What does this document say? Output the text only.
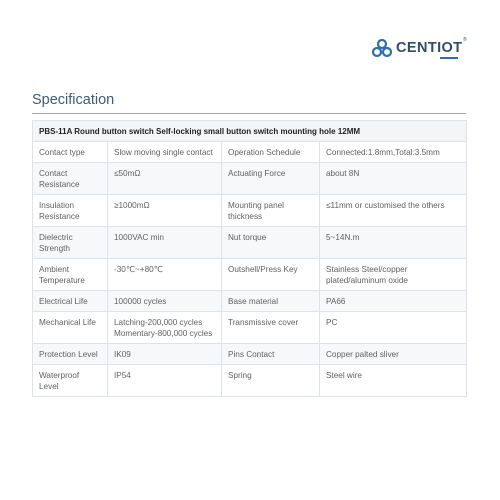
CENTIOT ®
Specification
PBS-11A Round button switch Self-locking small button switch mounting hole 12MM			
Contact type	Slow moving single contact	Operation Schedule	Connected:1.8mm,Total:3.5mm
Contact Resistance	≤50mΩ	Actuating Force	about 8N
Insulation Resistance	≥1000mΩ	Mounting panel thickness	≤11mm or customised the others
Dielectric Strength	1000VAC min	Nut torque	5~14N.m
Ambient Temperature	-30℃~+80℃	Outshell/Press Key	Stainless Steel/copper plated/aluminum oxide
Electrical Life	100000 cycles	Base material	PA66
Mechanical Life	Latching-200,000 cycles Momentary-800,000 cycles	Transmissive cover	PC
Protection Level	IK09	Pins Contact	Copper palted sliver
Waterproof Level	IP54	Spring	Steel wire
